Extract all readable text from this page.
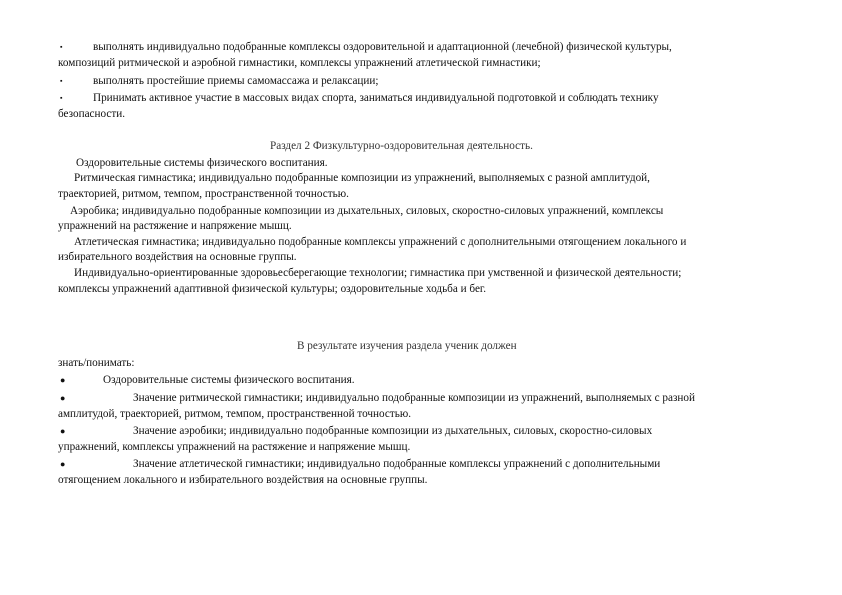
▪	выполнять индивидуально подобранные комплексы оздоровительной и адаптационной (лечебной) физической культуры,
композиций ритмической и аэробной гимнастики, комплексы упражнений атлетической гимнастики;
▪	выполнять простейшие приемы самомассажа и релаксации;
▪	Принимать активное участие в массовых видах спорта, заниматься индивидуальной подготовкой и соблюдать технику
безопасности.
Раздел 2 Физкультурно-оздоровительная деятельность.
Оздоровительные системы физического воспитания.
Ритмическая гимнастика; индивидуально подобранные композиции из упражнений, выполняемых с разной амплитудой,
траекторией, ритмом, темпом, пространственной точностью.
Аэробика; индивидуально подобранные композиции из дыхательных, силовых, скоростно-силовых упражнений, комплексы
упражнений на растяжение и напряжение мышц.
Атлетическая гимнастика; индивидуально подобранные комплексы упражнений с дополнительными отягощением локального и
избирательного воздействия на основные группы.
Индивидуально-ориентированные здоровьесберегающие технологии; гимнастика при умственной и физической деятельности;
комплексы упражнений адаптивной физической культуры; оздоровительные ходьба и бег.
В результате изучения раздела ученик должен
знать/понимать:
●	Оздоровительные системы физического воспитания.
●	Значение ритмической гимнастики; индивидуально подобранные композиции из упражнений, выполняемых с разной
амплитудой, траекторией, ритмом, темпом, пространственной точностью.
●	Значение аэробики; индивидуально подобранные композиции из дыхательных, силовых, скоростно-силовых
упражнений, комплексы упражнений на растяжение и напряжение мышц.
●	Значение атлетической гимнастики; индивидуально подобранные комплексы упражнений с дополнительными
отягощением локального и избирательного воздействия на основные группы.
